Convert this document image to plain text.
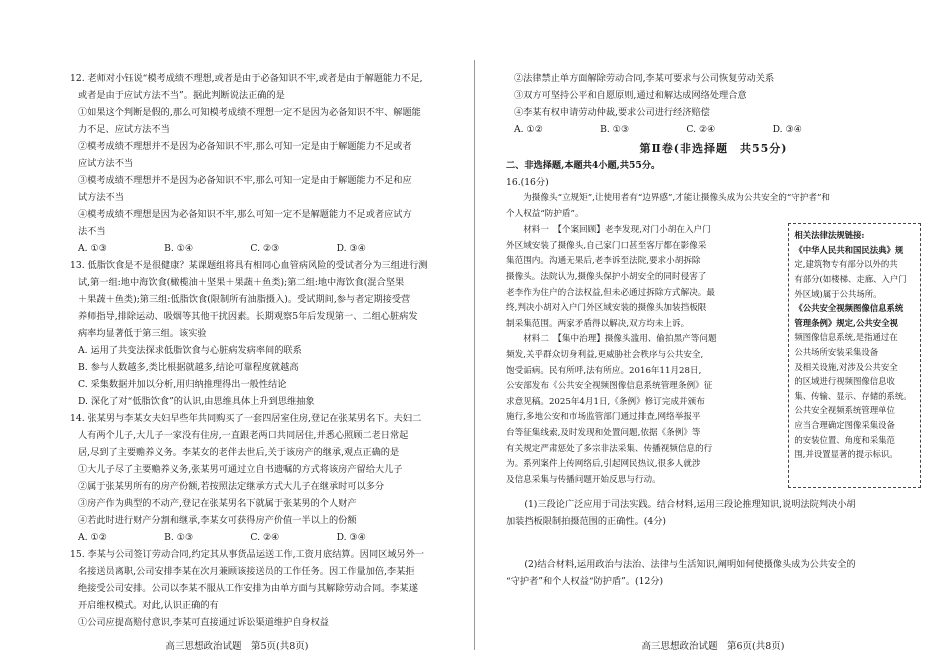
12. 老师对小钰说“模考成绩不理想,或者是由于必备知识不牢,或者是由于解题能力不足,

或者是由于应试方法不当”。据此判断说法正确的是

①如果这个判断是假的,那么可知模考成绩不理想一定不是因为必备知识不牢、解题能

力不足、应试方法不当

②模考成绩不理想并不是因为必备知识不牢,那么可知一定是由于解题能力不足或者

应试方法不当

③模考成绩不理想并不是因为必备知识不牢,那么可知一定是由于解题能力不足和应

试方法不当

④模考成绩不理想是因为必备知识不牢,那么可知一定不是解题能力不足或者应试方

法不当

A. ①③	B. ①④	C. ②③	D. ③④

13. 低脂饮食是不是很健康？某课题组将具有相同心血管病风险的受试者分为三组进行测

试,第一组:地中海饮食(橄榄油＋坚果＋果蔬＋鱼类);第二组:地中海饮食(混合坚果

＋果蔬＋鱼类);第三组:低脂饮食(限制所有油脂摄入)。受试期间,参与者定期接受营

养师指导,排除运动、吸烟等其他干扰因素。长期观察5年后发现第一、二组心脏病发

病率均显著低于第三组。该实验

A. 运用了共变法探求低脂饮食与心脏病发病率间的联系

B. 参与人数越多,类比根据就越多,结论可靠程度就越高

C. 采集数据并加以分析,用归纳推理得出一般性结论

D. 深化了对“低脂饮食”的认识,由思维具体上升到思维抽象

14. 张某男与李某女夫妇早些年共同购买了一套四居室住房,登记在张某男名下。夫妇二

人有两个儿子,大儿子一家没有住房,一直跟老两口共同居住,并悉心照顾二老日常起

居,尽到了主要赡养义务。李某女的老伴去世后,关于该房产的继承,观点正确的是

①大儿子尽了主要赡养义务,张某男可通过立自书遗嘱的方式将该房产留给大儿子

②属于张某男所有的房产份额,若按照法定继承方式大儿子在继承时可以多分

③房产作为典型的不动产,登记在张某男名下就属于张某男的个人财产

④若此时进行财产分割和继承,李某女可获得房产价值一半以上的份额

A. ①②	B. ①③	C. ②④	D. ③④

15. 李某与公司签订劳动合同,约定其从事货品运送工作,工资月底结算。因同区域另外一

名接送员离职,公司安排李某在次月兼顾该接送员的工作任务。因工作量加倍,李某拒

绝接受公司安排。公司以李某不服从工作安排为由单方面与其解除劳动合同。李某遂

开启维权模式。对此,认识正确的有

①公司应提高赔付意识,李某可直接通过诉讼渠道维护自身权益

高三思想政治试题　第5页(共8页)

②法律禁止单方面解除劳动合同,李某可要求与公司恢复劳动关系

③双方可坚持公平和自愿原则,通过和解达成网络处理合意

④李某有权申请劳动仲裁,要求公司进行经济赔偿

A. ①②	B. ①③	C. ②④	D. ③④

第Ⅱ卷(非选择题　共55分)

二、非选择题,本题共4小题,共55分。

16.(16分)

　　为摄像头“立规矩”,让使用者有“边界感”,才能让摄像头成为公共安全的“守护者”和

个人权益“防护盾”。

　　材料一　【个案回顾】老李发现,对门小胡在入户门

外区域安装了摄像头,自己家门口甚至客厅都在影像采

集范围内。沟通无果后,老李诉至法院,要求小胡拆除

摄像头。法院认为,摄像头保护小胡安全的同时侵害了

老李作为住户的合法权益,但未必通过拆除方式解决。最

终,判决小胡对入户门外区域安装的摄像头加装挡板限

制采集范围。两家矛盾得以解决,双方均未上诉。

　　材料二　【集中治理】摄像头滥用、偷拍黑产等问题

频发,关乎群众切身利益,更威胁社会秩序与公共安全,

饱受诟病。民有所呼,法有所应。2016年11月28日,

公安部发布《公共安全视频图像信息系统管理条例》征

求意见稿。2025年4月1日,《条例》修订完成并颁布

施行,多地公安和市场监管部门通过排查,网络举报平

台等征集线索,及时发现和处置问题,依据《条例》等

有关规定严肃惩处了多宗非法采集、传播视频信息的行

为。系列案件上传网络后,引起网民热议,很多人就涉

及信息采集与传播问题开始反思与行动。

相关法律法规链接:

《中华人民共和国民法典》规

定,建筑物专有部分以外的共

有部分(如楼梯、走廊、入户门

外区域)属于公共场所。

《公共安全视频图像信息系统

管理条例》规定,公共安全视

频图像信息系统,是指通过在

公共场所安装采集设备

及相关设施,对涉及公共安全

的区域进行视频图像信息收

集、传输、显示、存储的系统。

公共安全视频系统管理单位

应当合理确定图像采集设备

的安装位置、角度和采集范

围,并设置显著的提示标识。

　　(1)三段论广泛应用于司法实践。结合材料,运用三段论推理知识,说明法院判决小胡

加装挡板限制拍摄范围的正确性。(4分)

　　(2)结合材料,运用政治与法治、法律与生活知识,阐明如何使摄像头成为公共安全的

“守护者”和个人权益“防护盾”。(12分)

高三思想政治试题　第6页(共8页)
